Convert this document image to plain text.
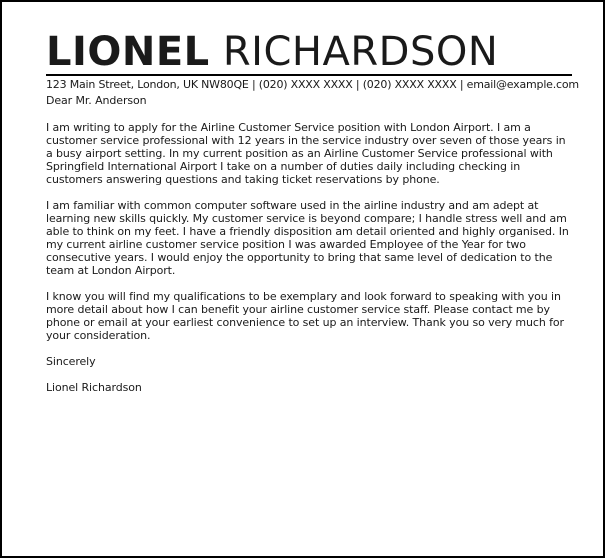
LIONEL RICHARDSON
123 Main Street, London, UK NW80QE | (020) XXXX XXXX | (020) XXXX XXXX | email@example.com

Dear Mr. Anderson

I am writing to apply for the Airline Customer Service position with London Airport. I am a customer service professional with 12 years in the service industry over seven of those years in a busy airport setting. In my current position as an Airline Customer Service professional with Springfield International Airport I take on a number of duties daily including checking in customers answering questions and taking ticket reservations by phone.

I am familiar with common computer software used in the airline industry and am adept at learning new skills quickly. My customer service is beyond compare; I handle stress well and am able to think on my feet. I have a friendly disposition am detail oriented and highly organised. In my current airline customer service position I was awarded Employee of the Year for two consecutive years. I would enjoy the opportunity to bring that same level of dedication to the team at London Airport.

I know you will find my qualifications to be exemplary and look forward to speaking with you in more detail about how I can benefit your airline customer service staff. Please contact me by phone or email at your earliest convenience to set up an interview. Thank you so very much for your consideration.

Sincerely

Lionel Richardson
